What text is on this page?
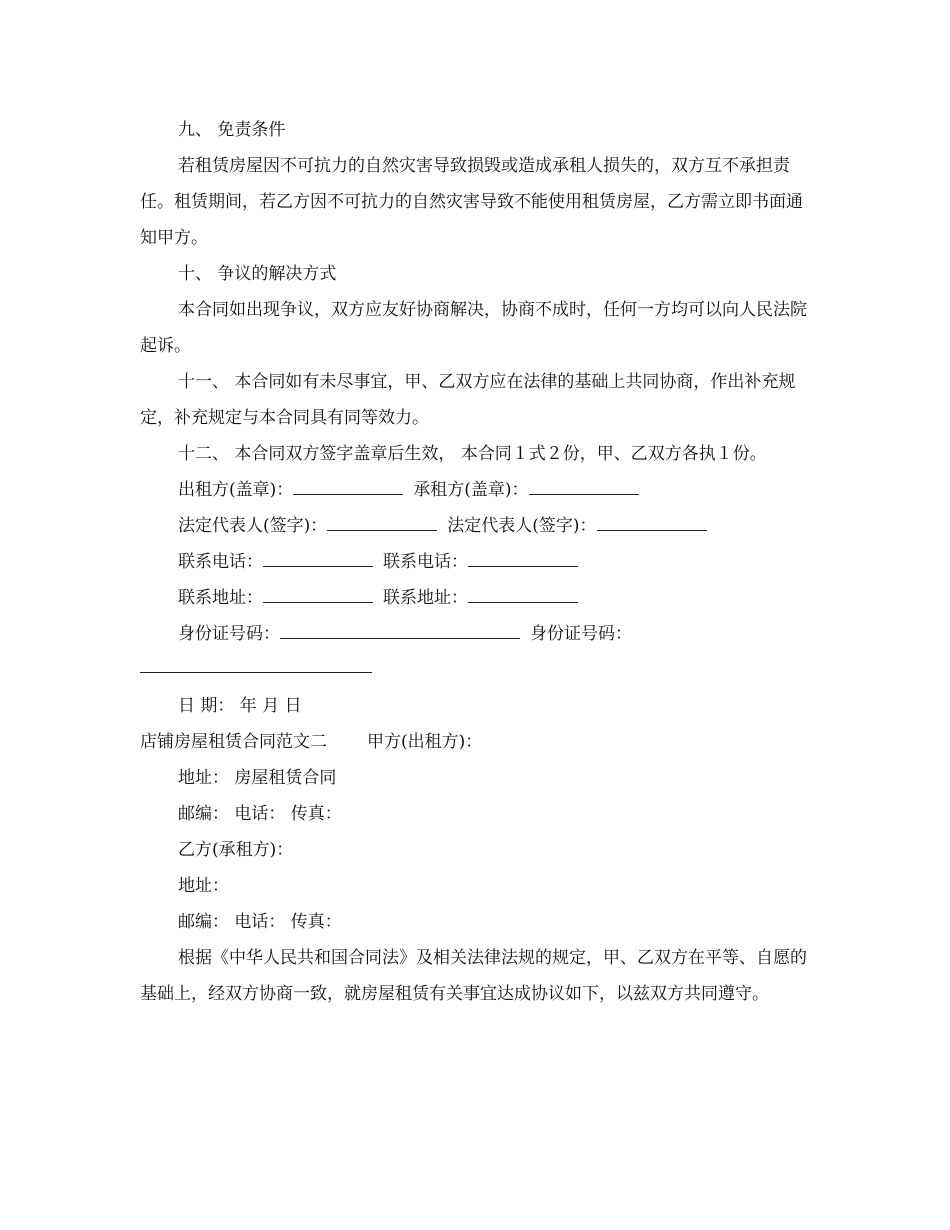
九、 免责条件

若租赁房屋因不可抗力的自然灾害导致损毁或造成承租人损失的，双方互不承担责任。租赁期间，若乙方因不可抗力的自然灾害导致不能使用租赁房屋，乙方需立即书面通知甲方。

十、 争议的解决方式

本合同如出现争议，双方应友好协商解决，协商不成时，任何一方均可以向人民法院起诉。

十一、 本合同如有未尽事宜，甲、乙双方应在法律的基础上共同协商，作出补充规定，补充规定与本合同具有同等效力。

十二、 本合同双方签字盖章后生效， 本合同１式２份，甲、乙双方各执１份。

出租方(盖章)：	承租方(盖章)：
法定代表人(签字)：	法定代表人(签字)：
联系电话：	联系电话：
联系地址：	联系地址：
身份证号码：	身份证号码：
日 期： 年 月 日
店铺房屋租赁合同范文二 甲方(出租方)：
地址： 房屋租赁合同
邮编： 电话： 传真：
乙方(承租方)：
地址：
邮编： 电话： 传真：

根据《中华人民共和国合同法》及相关法律法规的规定，甲、乙双方在平等、自愿的基础上，经双方协商一致，就房屋租赁有关事宜达成协议如下，以兹双方共同遵守。
